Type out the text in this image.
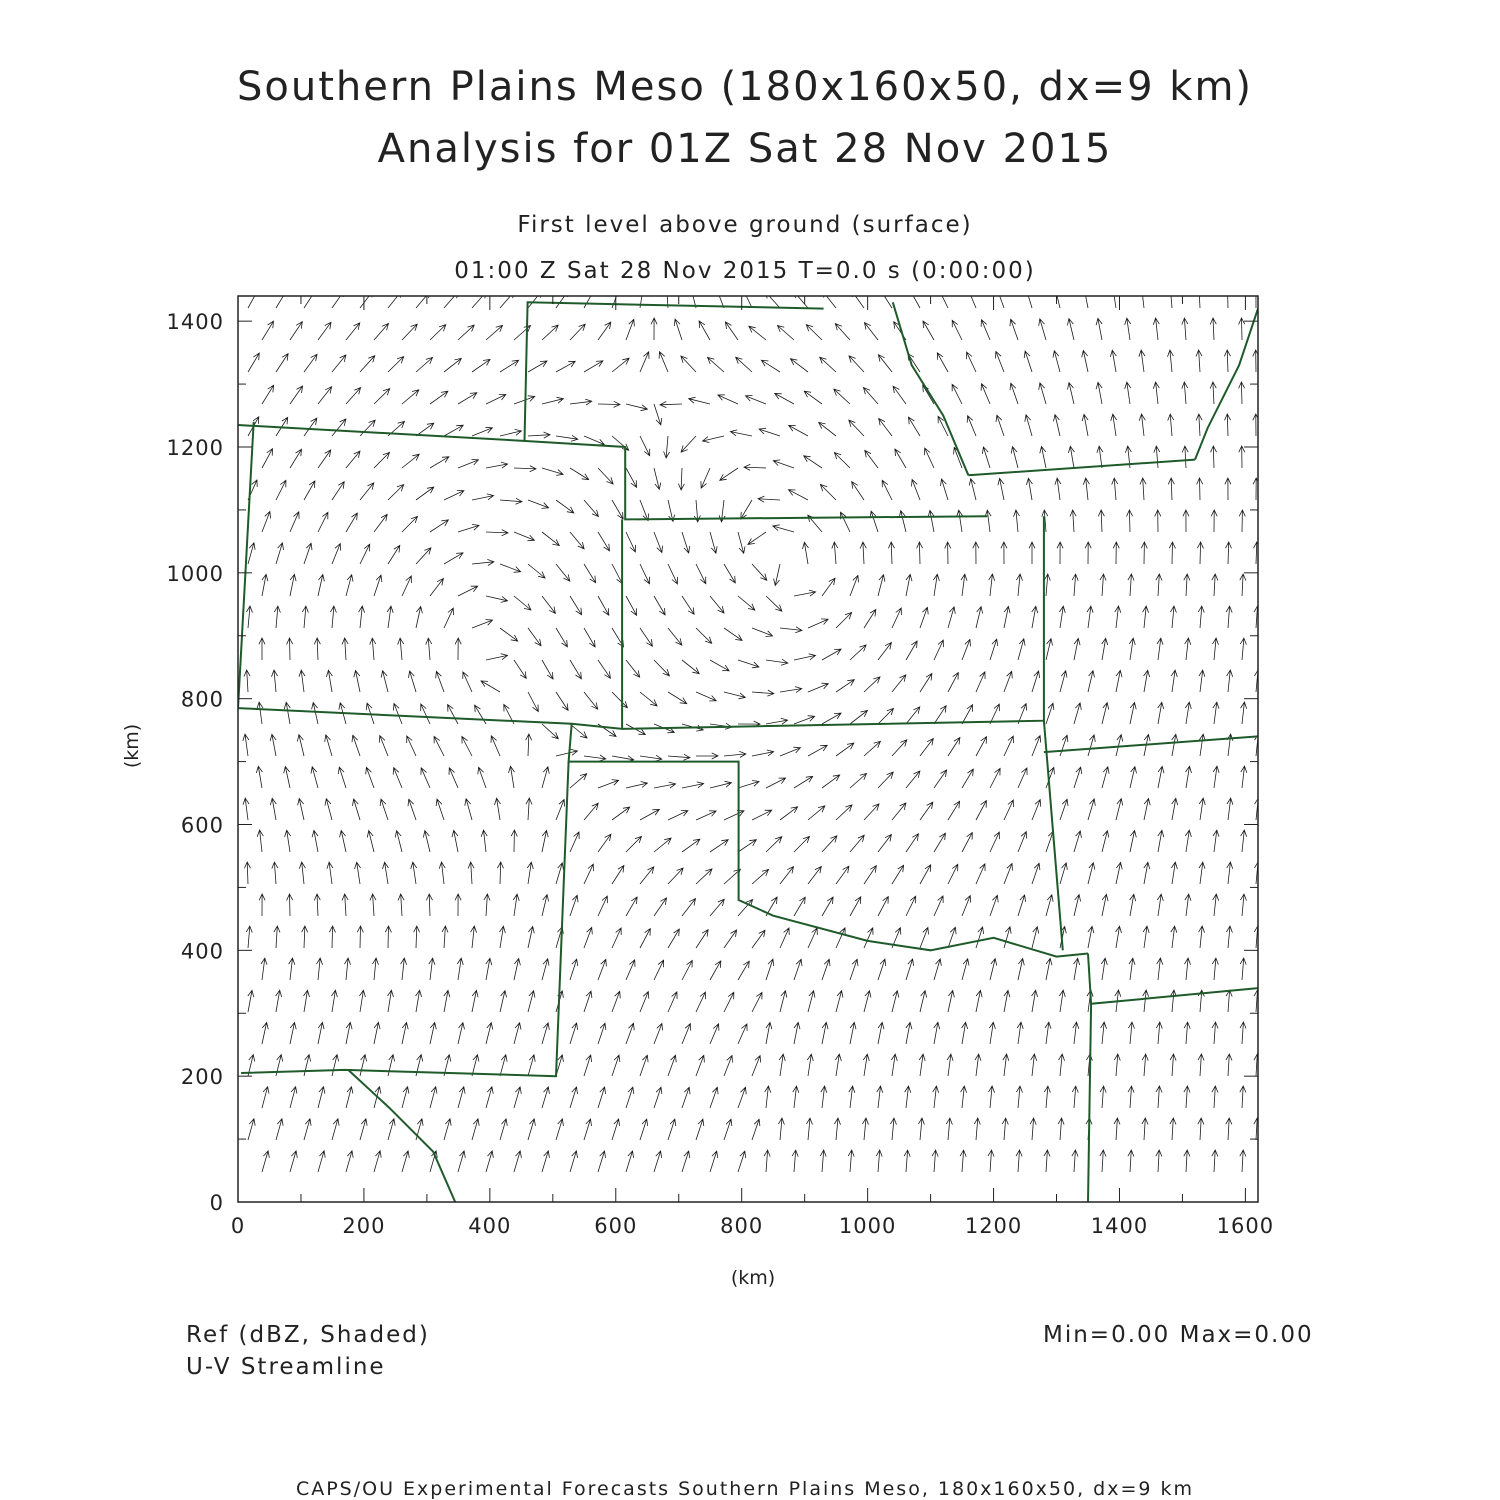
Southern Plains Meso (180x160x50, dx=9 km)
Analysis for 01Z Sat 28 Nov 2015
First level above ground (surface)
01:00 Z Sat 28 Nov 2015 T=0.0 s (0:00:00)
0	200	400	600	800	1000	1200	1400	1600
0
200
400
600
800
1000
1200
1400
(km)
(km)
Ref (dBZ, Shaded)
U-V Streamline
Min=0.00 Max=0.00
CAPS/OU Experimental Forecasts Southern Plains Meso, 180x160x50, dx=9 km
